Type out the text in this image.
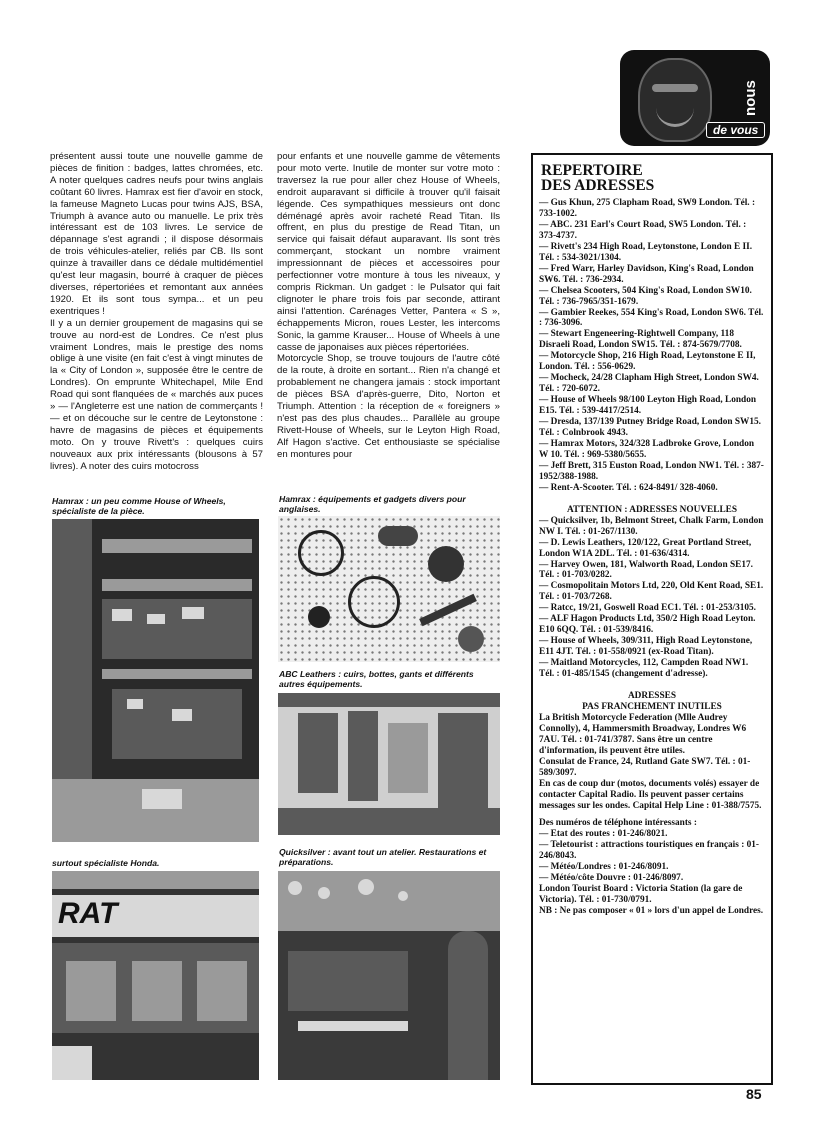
nous
de vous

présentent aussi toute une nouvelle gamme de pièces de finition : badges, lattes chromées, etc. A noter quelques cadres neufs pour twins anglais coûtant 60 livres. Hamrax est fier d'avoir en stock, la fameuse Magneto Lucas pour twins AJS, BSA, Triumph à avance auto ou manuelle. Le prix très intéressant est de 103 livres. Le service de dépannage s'est agrandi ; il dispose désormais de trois véhicules-atelier, reliés par CB. Ils sont quinze à travailler dans ce dédale multidémentiel qu'est leur magasin, bourré à craquer de pièces diverses, répertoriées et remontant aux années 1920. Et ils sont tous sympa... et un peu exentriques !

Il y a un dernier groupement de magasins qui se trouve au nord-est de Londres. Ce n'est plus vraiment Londres, mais le prestige des noms oblige à une visite (en fait c'est à vingt minutes de la « City of London », supposée être le centre de Londres). On emprunte Whitechapel, Mile End Road qui sont flanquées de « marchés aux puces » — l'Angleterre est une nation de commerçants ! — et on découche sur le centre de Leytonstone : havre de magasins de pièces et équipements moto. On y trouve Rivett's : quelques cuirs nouveaux aux prix intéressants (blousons à 57 livres). A noter des cuirs motocross

pour enfants et une nouvelle gamme de vêtements pour moto verte. Inutile de monter sur votre moto : traversez la rue pour aller chez House of Wheels, endroit auparavant si difficile à trouver qu'il faisait légende. Ces sympathiques messieurs ont donc déménagé après avoir racheté Read Titan. Ils offrent, en plus du prestige de Read Titan, un service qui faisait défaut auparavant. Ils sont très commerçant, stockant un nombre vraiment impressionnant de pièces et accessoires pour perfectionner votre monture à tous les niveaux, y compris Rickman. Un gadget : le Pulsator qui fait clignoter le phare trois fois par seconde, attirant ainsi l'attention. Carénages Vetter, Pantera « S », échappements Micron, roues Lester, les intercoms Sonic, la gamme Krauser... House of Wheels à une casse de japonaises aux pièces répertoriées.

Motorcycle Shop, se trouve toujours de l'autre côté de la route, à droite en sortant... Rien n'a changé et probablement ne changera jamais : stock important de pièces BSA d'après-guerre, Dito, Norton et Triumph. Attention : la réception de « foreigners » n'est pas des plus chaudes... Parallèle au groupe Rivett-House of Wheels, sur le Leyton High Road, Alf Hagon s'active. Cet enthousiaste se spécialise en montures pour

Hamrax : un peu comme House of Wheels, spécialiste de la pièce.
surtout spécialiste Honda.
RAT
Hamrax : équipements et gadgets divers pour anglaises.
ABC Leathers : cuirs, bottes, gants et différents autres équipements.
Quicksilver : avant tout un atelier. Restaurations et préparations.
REPERTOIRE
DES ADRESSES
— Gus Khun, 275 Clapham Road, SW9 London. Tél. : 733-1002.
— ABC. 231 Earl's Court Road, SW5 London. Tél. : 373-4737.
— Rivett's 234 High Road, Leytonstone, London E II. Tél. : 534-3021/1304.
— Fred Warr, Harley Davidson, King's Road, London SW6. Tél. : 736-2934.
— Chelsea Scooters, 504 King's Road, London SW10. Tél. : 736-7965/351-1679.
— Gambier Reekes, 554 King's Road, London SW6. Tél. : 736-3096.
— Stewart Engeneering-Rightwell Company, 118 Disraeli Road, London SW15. Tél. : 874-5679/7708.
— Motorcycle Shop, 216 High Road, Leytonstone E II, London. Tél. : 556-0629.
— Mocheck, 24/28 Clapham High Street, London SW4. Tél. : 720-6072.
— House of Wheels 98/100 Leyton High Road, London E15. Tél. : 539-4417/2514.
— Dresda, 137/139 Putney Bridge Road, London SW15. Tél. : Colnbrook 4943.
— Hamrax Motors, 324/328 Ladbroke Grove, London W 10. Tél. : 969-5380/5655.
— Jeff Brett, 315 Euston Road, London NW1. Tél. : 387-1952/388-1988.
— Rent-A-Scooter. Tél. : 624-8491/ 328-4060.
ATTENTION : ADRESSES NOUVELLES
— Quicksilver, 1b, Belmont Street, Chalk Farm, London NW I. Tél. : 01-267/1130.
— D. Lewis Leathers, 120/122, Great Portland Street, London W1A 2DL. Tél. : 01-636/4314.
— Harvey Owen, 181, Walworth Road, London SE17. Tél. : 01-703/0282.
— Cosmopolitain Motors Ltd, 220, Old Kent Road, SE1. Tél. : 01-703/7268.
— Ratcc, 19/21, Goswell Road EC1. Tél. : 01-253/3105.
— ALF Hagon Products Ltd, 350/2 High Road Leyton. E10 6QQ. Tél. : 01-539/8416.
— House of Wheels, 309/311, High Road Leytonstone, E11 4JT. Tél. : 01-558/0921 (ex-Road Titan).
— Maitland Motorcycles, 112, Campden Road NW1. Tél. : 01-485/1545 (changement d'adresse).
ADRESSES
PAS FRANCHEMENT INUTILES
La British Motorcycle Federation (Mlle Audrey Connolly), 4, Hammersmith Broadway, Londres W6 7AU. Tél. : 01-741/3787. Sans être un centre d'information, ils peuvent être utiles.
Consulat de France, 24, Rutland Gate SW7. Tél. : 01-589/3097.
En cas de coup dur (motos, documents volés) essayer de contacter Capital Radio. Ils peuvent passer certains messages sur les ondes. Capital Help Line : 01-388/7575.
Des numéros de téléphone intéressants :
— Etat des routes : 01-246/8021.
— Teletourist : attractions touristiques en français : 01-246/8043.
— Météo/Londres : 01-246/8091.
— Météo/côte Douvre : 01-246/8097.
London Tourist Board : Victoria Station (la gare de Victoria). Tél. : 01-730/0791.
NB : Ne pas composer « 01 » lors d'un appel de Londres.
85
